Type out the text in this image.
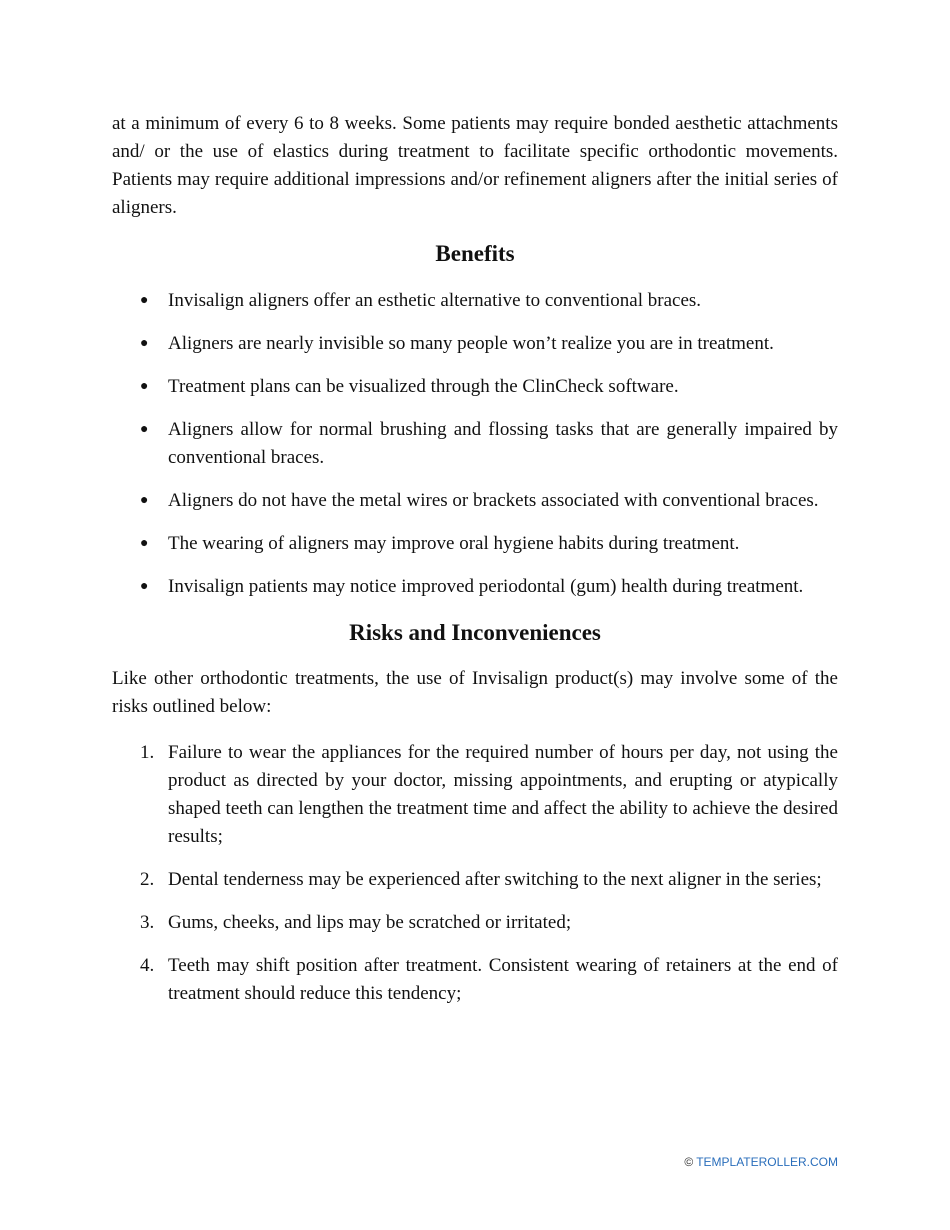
at a minimum of every 6 to 8 weeks. Some patients may require bonded aesthetic attachments and/ or the use of elastics during treatment to facilitate specific orthodontic movements. Patients may require additional impressions and/or refinement aligners after the initial series of aligners.

Benefits
●	Invisalign aligners offer an esthetic alternative to conventional braces.
●	Aligners are nearly invisible so many people won’t realize you are in treatment.
●	Treatment plans can be visualized through the ClinCheck software.
●	Aligners allow for normal brushing and flossing tasks that are generally impaired by conventional braces.
●	Aligners do not have the metal wires or brackets associated with conventional braces.
●	The wearing of aligners may improve oral hygiene habits during treatment.
●	Invisalign patients may notice improved periodontal (gum) health during treatment.
Risks and Inconveniences

Like other orthodontic treatments, the use of Invisalign product(s) may involve some of the risks outlined below:

1. Failure to wear the appliances for the required number of hours per day, not using the product as directed by your doctor, missing appointments, and erupting or atypically shaped teeth can lengthen the treatment time and affect the ability to achieve the desired results;
2. Dental tenderness may be experienced after switching to the next aligner in the series;
3. Gums, cheeks, and lips may be scratched or irritated;
4. Teeth may shift position after treatment. Consistent wearing of retainers at the end of treatment should reduce this tendency;
© TEMPLATEROLLER.COM
